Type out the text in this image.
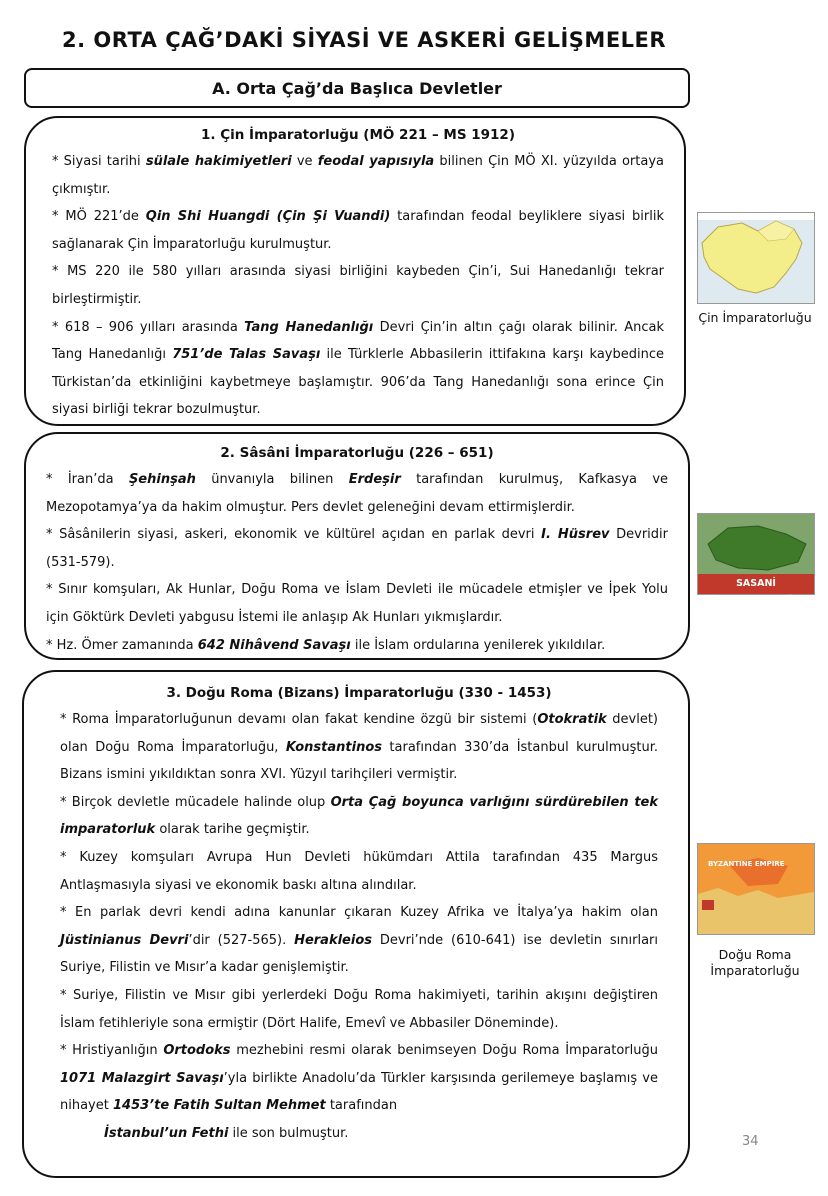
2. ORTA ÇAĞ’DAKİ SİYASİ VE ASKERİ GELİŞMELER
A. Orta Çağ’da Başlıca Devletler
1. Çin İmparatorluğu (MÖ 221 – MS 1912)

* Siyasi tarihi sülale hakimiyetleri ve feodal yapısıyla bilinen Çin MÖ XI. yüzyılda ortaya çıkmıştır.

* MÖ 221’de Qin Shi Huangdi (Çin Şi Vuandi) tarafından feodal beyliklere siyasi birlik sağlanarak Çin İmparatorluğu kurulmuştur.

* MS 220 ile 580 yılları arasında siyasi birliğini kaybeden Çin’i, Sui Hanedanlığı tekrar birleştirmiştir.

* 618 – 906 yılları arasında Tang Hanedanlığı Devri Çin’in altın çağı olarak bilinir. Ancak Tang Hanedanlığı 751’de Talas Savaşı ile Türklerle Abbasilerin ittifakına karşı kaybedince Türkistan’da etkinliğini kaybetmeye başlamıştır. 906’da Tang Hanedanlığı sona erince Çin siyasi birliği tekrar bozulmuştur.

2. Sâsâni İmparatorluğu (226 – 651)

* İran’da Şehinşah ünvanıyla bilinen Erdeşir tarafından kurulmuş, Kafkasya ve Mezopotamya’ya da hakim olmuştur. Pers devlet geleneğini devam ettirmişlerdir.

* Sâsânilerin siyasi, askeri, ekonomik ve kültürel açıdan en parlak devri I. Hüsrev Devridir (531-579).

* Sınır komşuları, Ak Hunlar, Doğu Roma ve İslam Devleti ile mücadele etmişler ve İpek Yolu için Göktürk Devleti yabgusu İstemi ile anlaşıp Ak Hunları yıkmışlardır.

* Hz. Ömer zamanında 642 Nihâvend Savaşı ile İslam ordularına yenilerek yıkıldılar.

3. Doğu Roma (Bizans) İmparatorluğu (330 - 1453)

* Roma İmparatorluğunun devamı olan fakat kendine özgü bir sistemi (Otokratik devlet) olan Doğu Roma İmparatorluğu, Konstantinos tarafından 330’da İstanbul kurulmuştur. Bizans ismini yıkıldıktan sonra XVI. Yüzyıl tarihçileri vermiştir.

* Birçok devletle mücadele halinde olup Orta Çağ boyunca varlığını sürdürebilen tek imparatorluk olarak tarihe geçmiştir.

* Kuzey komşuları Avrupa Hun Devleti hükümdarı Attila tarafından 435 Margus Antlaşmasıyla siyasi ve ekonomik baskı altına alındılar.

* En parlak devri kendi adına kanunlar çıkaran Kuzey Afrika ve İtalya’ya hakim olan Jüstinianus Devri’dir (527-565). Herakleios Devri’nde (610-641) ise devletin sınırları Suriye, Filistin ve Mısır’a kadar genişlemiştir.

* Suriye, Filistin ve Mısır gibi yerlerdeki Doğu Roma hakimiyeti, tarihin akışını değiştiren İslam fetihleriyle sona ermiştir (Dört Halife, Emevî ve Abbasiler Döneminde).

* Hristiyanlığın Ortodoks mezhebini resmi olarak benimseyen Doğu Roma İmparatorluğu 1071 Malazgirt Savaşı’yla birlikte Anadolu’da Türkler karşısında gerilemeye başlamış ve nihayet 1453’te Fatih Sultan Mehmet tarafından

İstanbul’un Fethi ile son bulmuştur.

Çin İmparatorluğu
SASANİ İMPARATORLUĞU
BYZANTINE EMPIRE
Doğu Roma İmparatorluğu
34
